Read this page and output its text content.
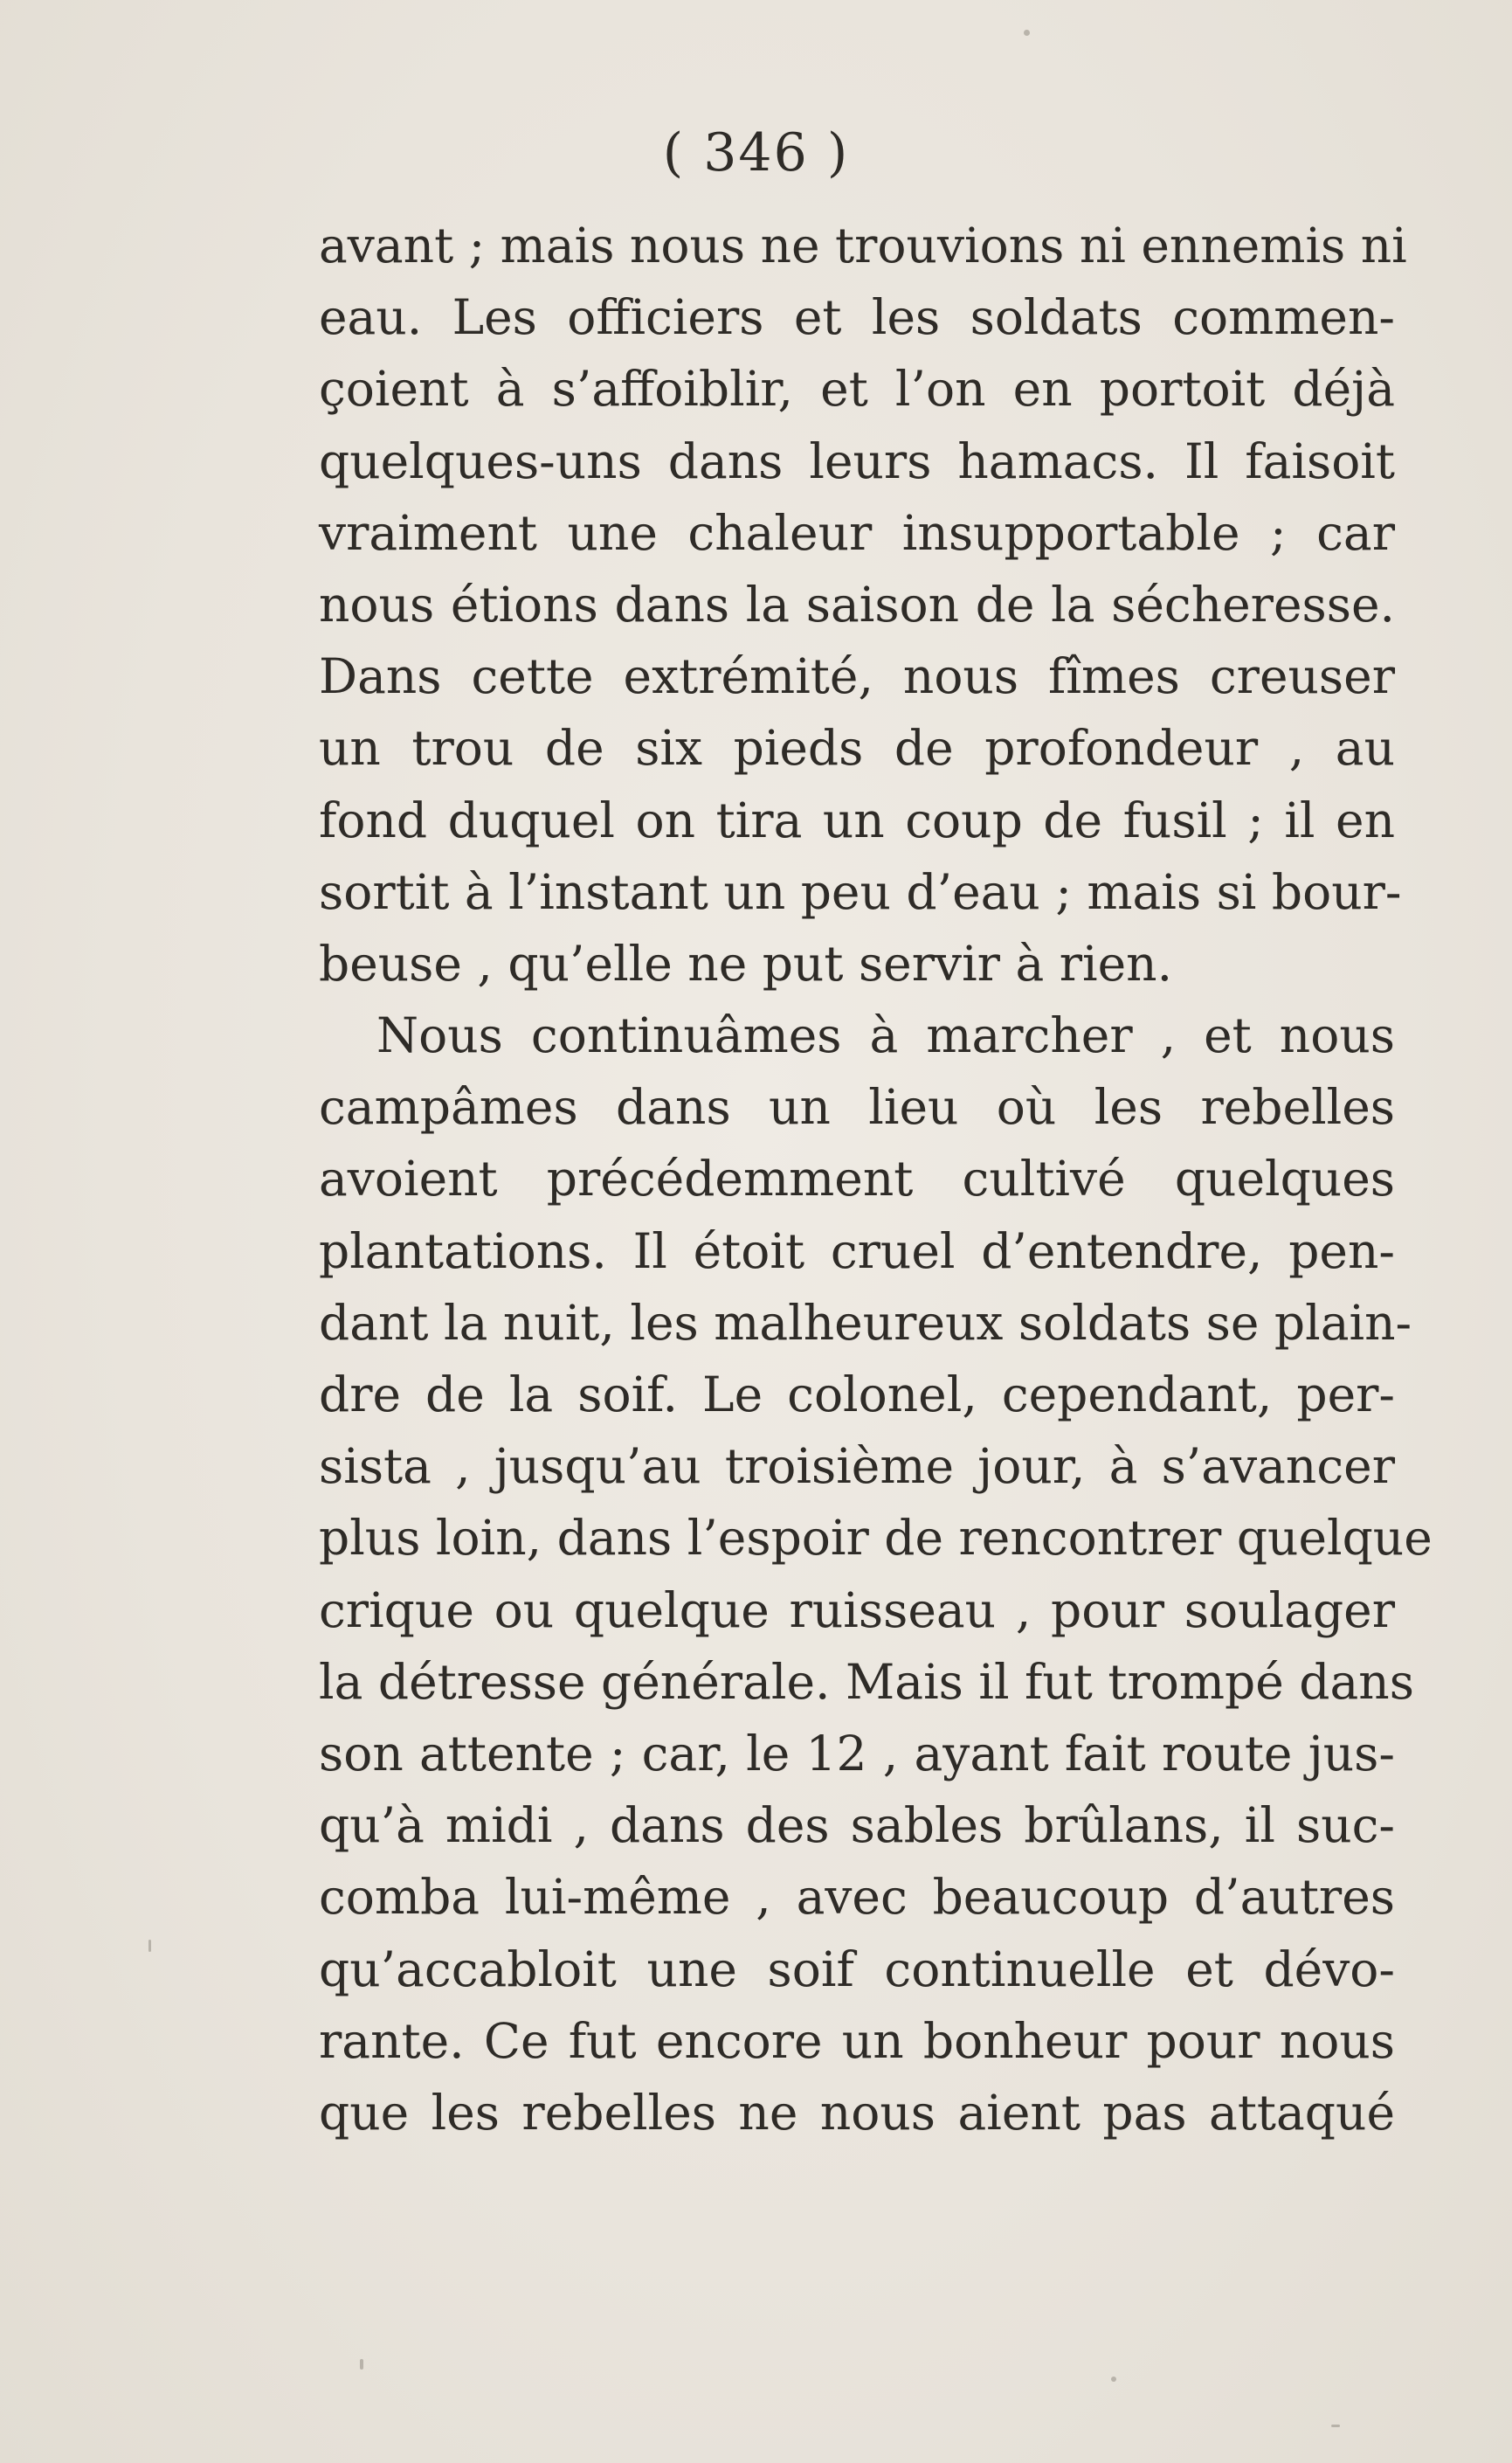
( 346 )
avant ; mais nous ne trouvions ni ennemis ni
eau. Les officiers et les soldats commen-
çoient à s’affoiblir, et l’on en portoit déjà
quelques-uns dans leurs hamacs. Il faisoit
vraiment une chaleur insupportable ; car
nous étions dans la saison de la sécheresse.
Dans cette extrémité, nous fîmes creuser
un trou de six pieds de profondeur , au
fond duquel on tira un coup de fusil ; il en
sortit à l’instant un peu d’eau ; mais si bour-
beuse , qu’elle ne put servir à rien.
Nous continuâmes à marcher , et nous
campâmes dans un lieu où les rebelles
avoient précédemment cultivé quelques
plantations. Il étoit cruel d’entendre, pen-
dant la nuit, les malheureux soldats se plain-
dre de la soif. Le colonel, cependant, per-
sista , jusqu’au troisième jour, à s’avancer
plus loin, dans l’espoir de rencontrer quelque
crique ou quelque ruisseau , pour soulager
la détresse générale. Mais il fut trompé dans
son attente ; car, le 12 , ayant fait route jus-
qu’à midi , dans des sables brûlans, il suc-
comba lui-même , avec beaucoup d’autres
qu’accabloit une soif continuelle et dévo-
rante. Ce fut encore un bonheur pour nous
que les rebelles ne nous aient pas attaqué
